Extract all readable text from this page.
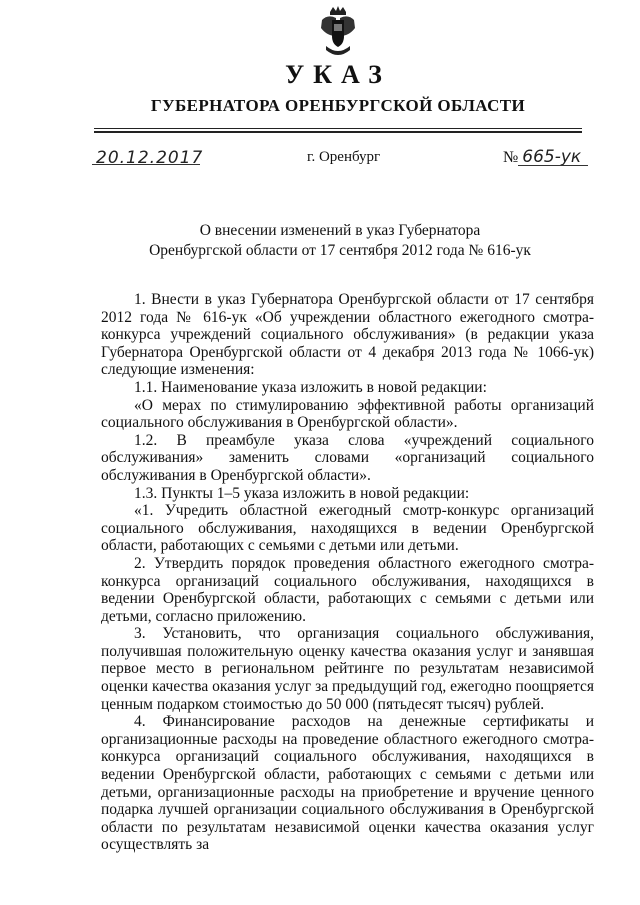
УКАЗ
ГУБЕРНАТОРА ОРЕНБУРГСКОЙ ОБЛАСТИ
20.12.2017	г. Оренбург	№ 665-ук
О внесении изменений в указ Губернатора
Оренбургской области от 17 сентября 2012 года № 616-ук

1. Внести в указ Губернатора Оренбургской области от 17 сентября 2012 года № 616-ук «Об учреждении областного ежегодного смотра-конкурса учреждений социального обслуживания» (в редакции указа Губернатора Оренбургской области от 4 декабря 2013 года № 1066-ук) следующие изменения:

1.1. Наименование указа изложить в новой редакции:

«О мерах по стимулированию эффективной работы организаций социального обслуживания в Оренбургской области».

1.2. В преамбуле указа слова «учреждений социального обслуживания» заменить словами «организаций социального обслуживания в Оренбургской области».

1.3. Пункты 1–5 указа изложить в новой редакции:

«1. Учредить областной ежегодный смотр-конкурс организаций социального обслуживания, находящихся в ведении Оренбургской области, работающих с семьями с детьми или детьми.

2. Утвердить порядок проведения областного ежегодного смотра-конкурса организаций социального обслуживания, находящихся в ведении Оренбургской области, работающих с семьями с детьми или детьми, согласно приложению.

3. Установить, что организация социального обслуживания, получившая положительную оценку качества оказания услуг и занявшая первое место в региональном рейтинге по результатам независимой оценки качества оказания услуг за предыдущий год, ежегодно поощряется ценным подарком стоимостью до 50 000 (пятьдесят тысяч) рублей.

4. Финансирование расходов на денежные сертификаты и организационные расходы на проведение областного ежегодного смотра-конкурса организаций социального обслуживания, находящихся в ведении Оренбургской области, работающих с семьями с детьми или детьми, организационные расходы на приобретение и вручение ценного подарка лучшей организации социального обслуживания в Оренбургской области по результатам независимой оценки качества оказания услуг осуществлять за
